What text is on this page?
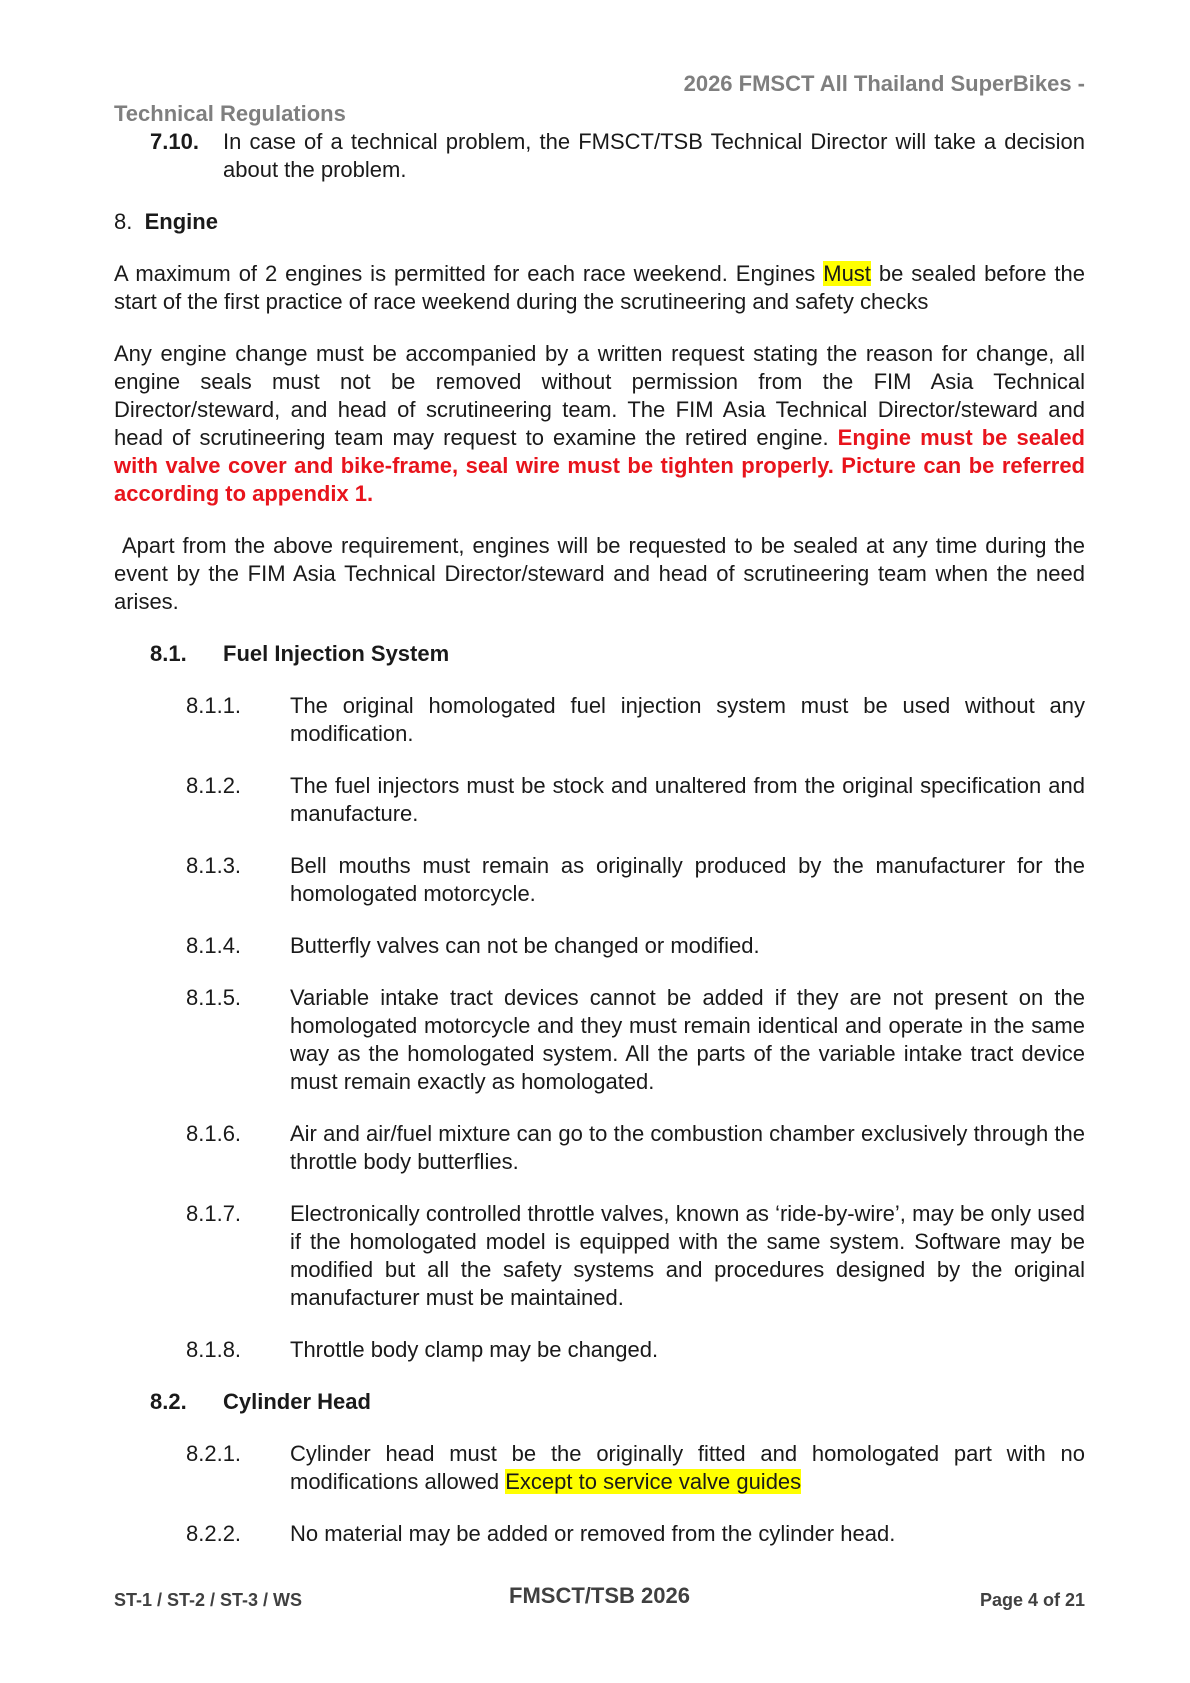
2026 FMSCT All Thailand SuperBikes -
Technical Regulations
7.10.	In case of a technical problem, the FMSCT/TSB Technical Director will take a decision about the problem.
8. Engine

A maximum of 2 engines is permitted for each race weekend. Engines Must be sealed before the start of the first practice of race weekend during the scrutineering and safety checks

Any engine change must be accompanied by a written request stating the reason for change, all engine seals must not be removed without permission from the FIM Asia Technical Director/steward, and head of scrutineering team. The FIM Asia Technical Director/steward and head of scrutineering team may request to examine the retired engine. Engine must be sealed with valve cover and bike-frame, seal wire must be tighten properly. Picture can be referred according to appendix 1.

Apart from the above requirement, engines will be requested to be sealed at any time during the event by the FIM Asia Technical Director/steward and head of scrutineering team when the need arises.

8.1.	Fuel Injection System
8.1.1.	The original homologated fuel injection system must be used without any modification.
8.1.2.	The fuel injectors must be stock and unaltered from the original specification and manufacture.
8.1.3.	Bell mouths must remain as originally produced by the manufacturer for the homologated motorcycle.
8.1.4.	Butterfly valves can not be changed or modified.
8.1.5.	Variable intake tract devices cannot be added if they are not present on the homologated motorcycle and they must remain identical and operate in the same way as the homologated system. All the parts of the variable intake tract device must remain exactly as homologated.
8.1.6.	Air and air/fuel mixture can go to the combustion chamber exclusively through the throttle body butterflies.
8.1.7.	Electronically controlled throttle valves, known as ‘ride-by-wire’, may be only used if the homologated model is equipped with the same system. Software may be modified but all the safety systems and procedures designed by the original manufacturer must be maintained.
8.1.8.	Throttle body clamp may be changed.
8.2.	Cylinder Head
8.2.1.	Cylinder head must be the originally fitted and homologated part with no modifications allowed Except to service valve guides
8.2.2.	No material may be added or removed from the cylinder head.
ST-1 / ST-2 / ST-3 / WS	FMSCT/TSB 2026	Page 4 of 21
